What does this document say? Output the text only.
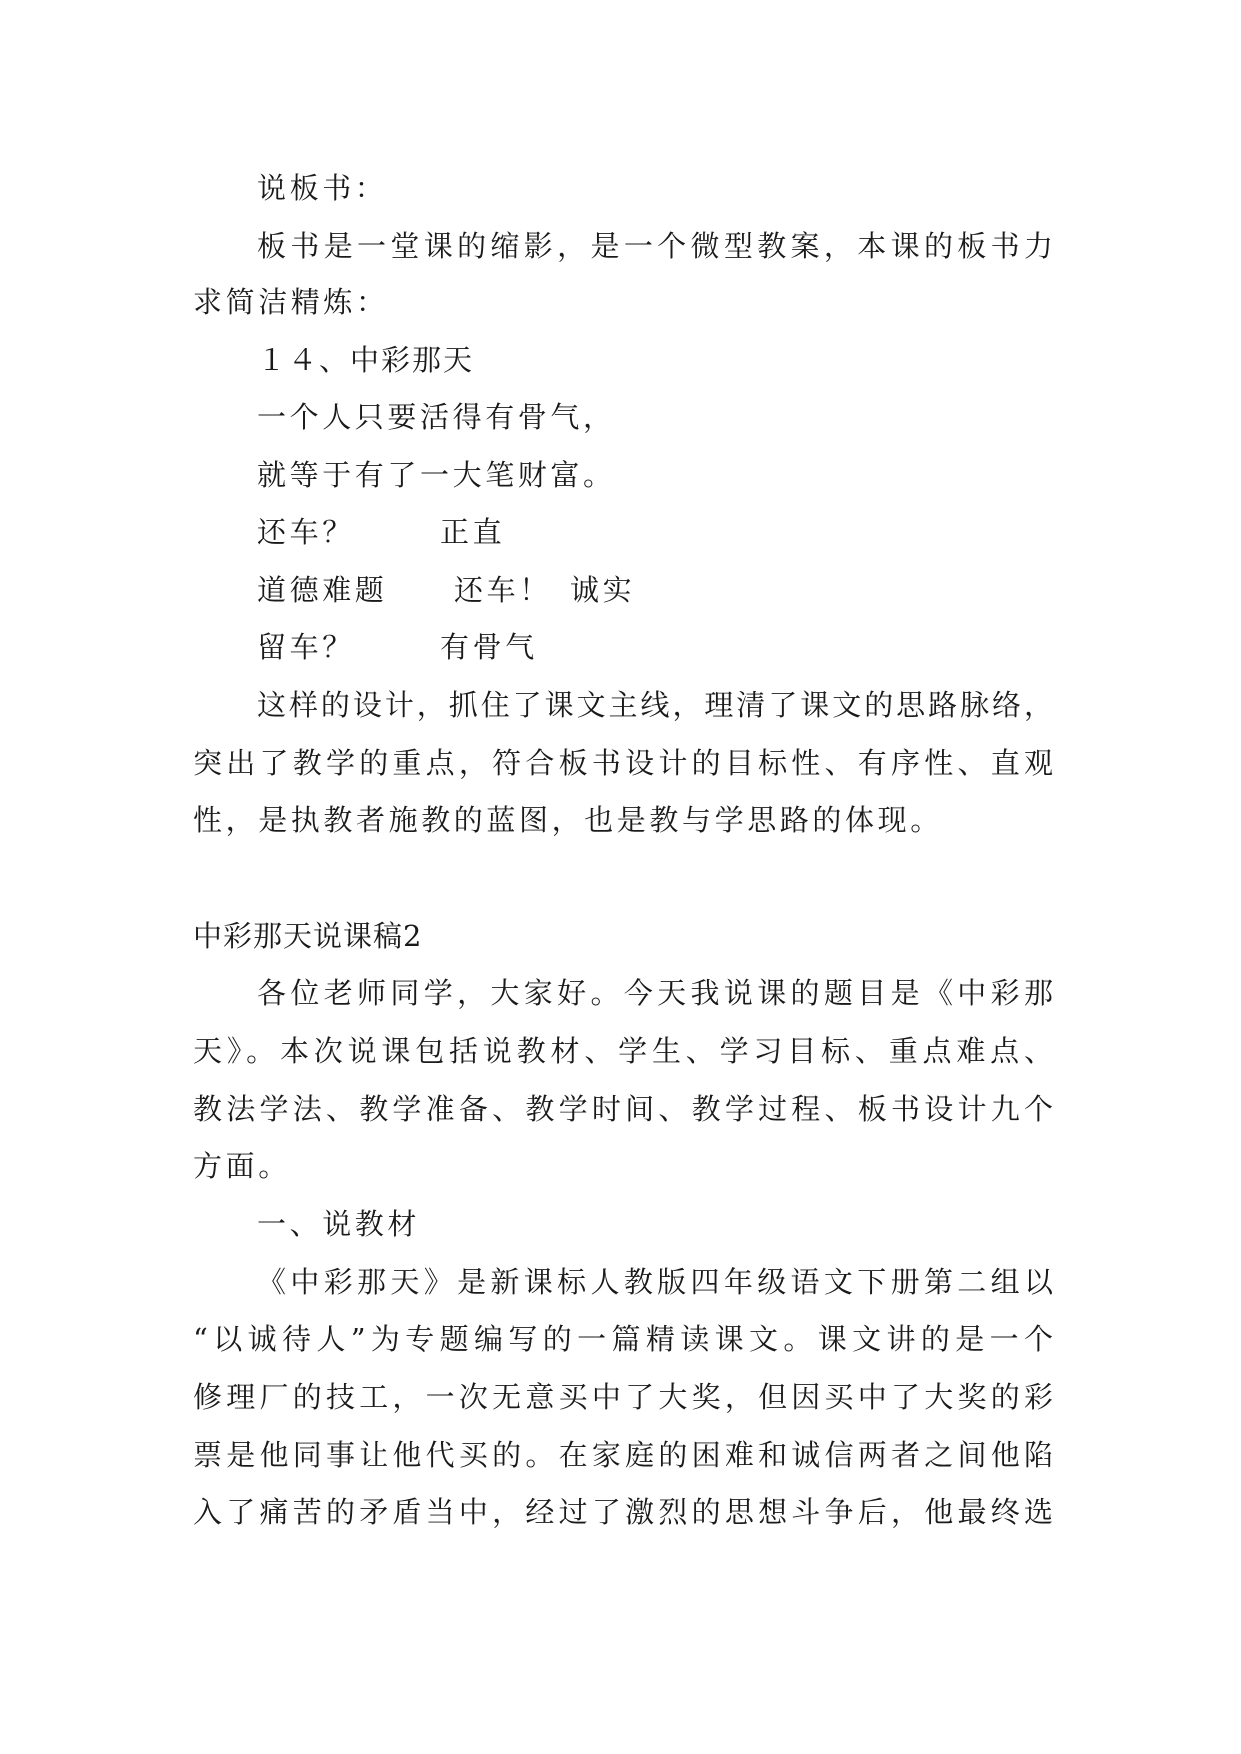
说板书：
板书是一堂课的缩影，是一个微型教案，本课的板书力
求简洁精炼：
１４、中彩那天
一个人只要活得有骨气，
就等于有了一大笔财富。
还车？	正直
道德难题 还车！ 诚实
留车？	有骨气
这样的设计，抓住了课文主线，理清了课文的思路脉络，
突出了教学的重点，符合板书设计的目标性、有序性、直观
性，是执教者施教的蓝图，也是教与学思路的体现。
中彩那天说课稿2
各位老师同学，大家好。今天我说课的题目是《中彩那
天》。本次说课包括说教材、学生、学习目标、重点难点、
教法学法、教学准备、教学时间、教学过程、板书设计九个
方面。
一、说教材
《中彩那天》是新课标人教版四年级语文下册第二组以
“以诚待人”为专题编写的一篇精读课文。课文讲的是一个
修理厂的技工，一次无意买中了大奖，但因买中了大奖的彩
票是他同事让他代买的。在家庭的困难和诚信两者之间他陷
入了痛苦的矛盾当中，经过了激烈的思想斗争后，他最终选
